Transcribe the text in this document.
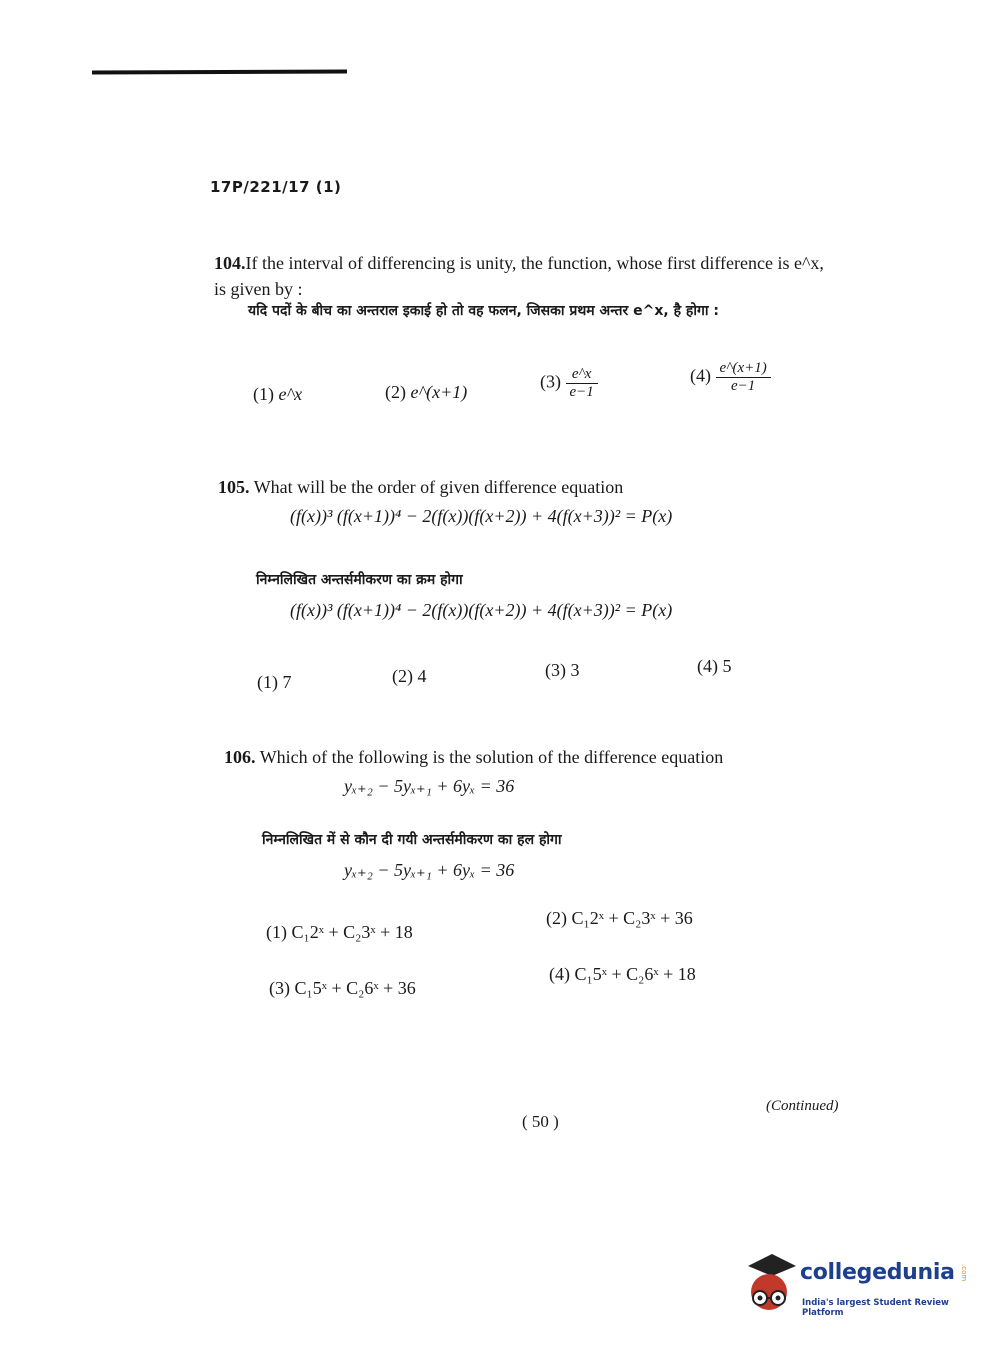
17P/221/17 (1)
104.If the interval of differencing is unity, the function, whose first difference is e^x, is given by :
यदि पदों के बीच का अन्तराल इकाई हो तो वह फलन, जिसका प्रथम अन्तर e^x, है होगा :
(1) e^x	(2) e^(x+1)
$(3) \frac{e\^{}x}{e-1}$	$(4) \frac{e\^{}(x+1)}{e-1}$
105. What will be the order of given difference equation
(f(x))³ (f(x+1))⁴ − 2(f(x))(f(x+2)) + 4(f(x+3))² = P(x)
निम्नलिखित अन्तर्समीकरण का क्रम होगा
(f(x))³ (f(x+1))⁴ − 2(f(x))(f(x+2)) + 4(f(x+3))² = P(x)
(1) 7	(2) 4	(3) 3	(4) 5
106. Which of the following is the solution of the difference equation
yₓ₊₂ − 5yₓ₊₁ + 6yₓ = 36
निम्नलिखित में से कौन दी गयी अन्तर्समीकरण का हल होगा
yₓ₊₂ − 5yₓ₊₁ + 6yₓ = 36
(1) C₁2ˣ + C₂3ˣ + 18
(2) C₁2ˣ + C₂3ˣ + 36
(3) C₁5ˣ + C₂6ˣ + 36
(4) C₁5ˣ + C₂6ˣ + 18
(Continued)
( 50 )
collegedunia .com
India's largest Student Review Platform
